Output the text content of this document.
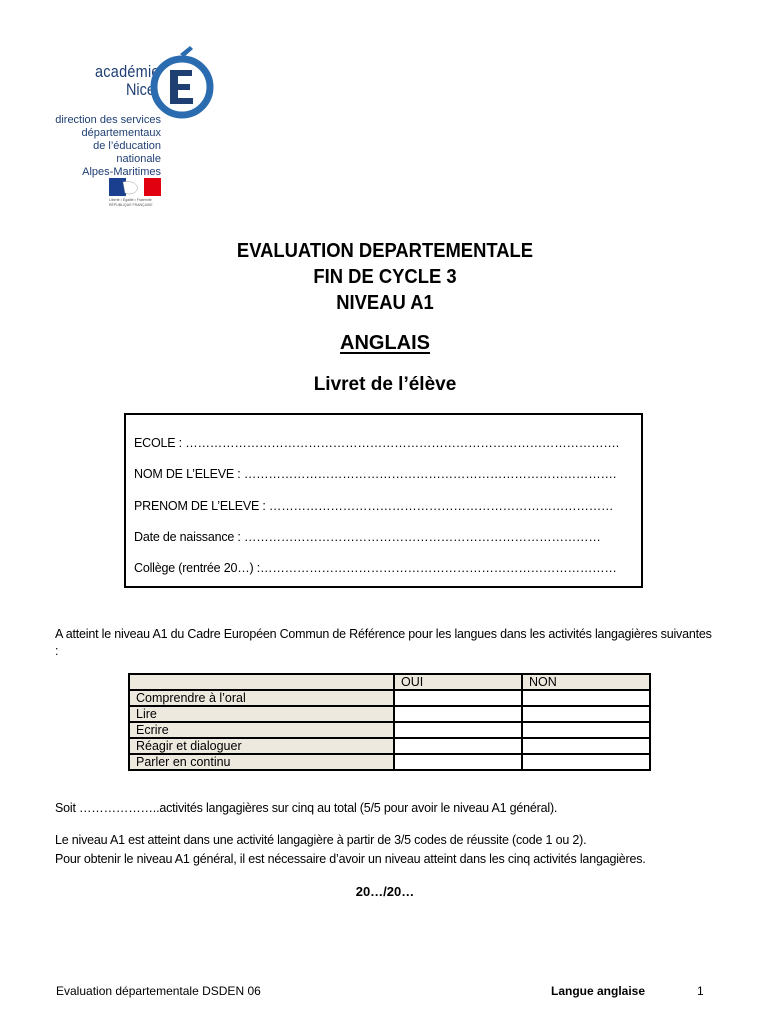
académie
Nice
direction des services
départementaux
de l’éducation nationale
Alpes-Maritimes
Liberté • Égalité • Fraternité
RÉPUBLIQUE FRANÇAISE
EVALUATION DEPARTEMENTALE
FIN DE CYCLE 3
NIVEAU A1
ANGLAIS
Livret de l’élève
ECOLE : …………………………………………………………………………………………….
NOM DE L’ELEVE : ……………………………………………………………………………….
PRENOM DE L’ELEVE : …………………………………………………………………………
Date de naissance : ……………………………………………………………………………
Collège (rentrée 20…) :……………………………………………………………………………
A atteint le niveau A1 du Cadre Européen Commun de Référence pour les langues dans les activités langagières suivantes :
	OUI	NON
Comprendre à l’oral		
Lire		
Ecrire		
Réagir et dialoguer		
Parler en continu		
Soit ………………..activités langagières sur cinq au total (5/5 pour avoir le niveau A1 général).
Le niveau A1 est atteint dans une activité langagière à partir de 3/5 codes de réussite (code 1 ou 2).
Pour obtenir le niveau A1 général, il est nécessaire d’avoir un niveau atteint dans les cinq activités langagières.
20…/20…
Evaluation départementale DSDEN 06	Langue anglaise	1
